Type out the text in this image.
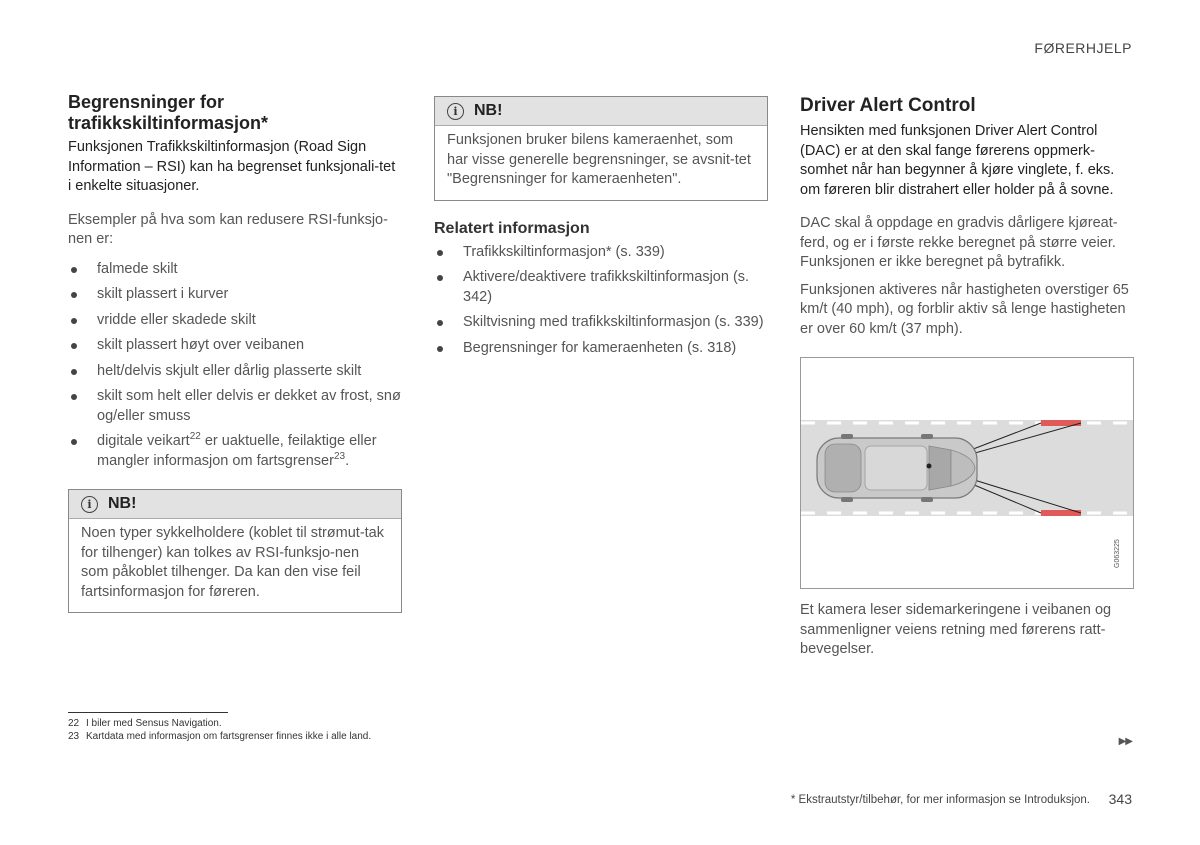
FØRERHJELP
Begrensninger for trafikkskiltinformasjon*

Funksjonen Trafikkskiltinformasjon (Road Sign Information – RSI) kan ha begrenset funksjonali-tet i enkelte situasjoner.

Eksempler på hva som kan redusere RSI-funksjo-nen er:

falmede skilt
skilt plassert i kurver
vridde eller skadede skilt
skilt plassert høyt over veibanen
helt/delvis skjult eller dårlig plasserte skilt
skilt som helt eller delvis er dekket av frost, snø og/eller smuss
digitale veikart$^{22}$ er uaktuelle, feilaktige eller mangler informasjon om fartsgrenser$^{23}$.
i	NB!
Noen typer sykkelholdere (koblet til strømut-tak for tilhenger) kan tolkes av RSI-funksjo-nen som påkoblet tilhenger. Da kan den vise feil fartsinformasjon for føreren.
i	NB!
Funksjonen bruker bilens kameraenhet, som har visse generelle begrensninger, se avsnit-tet "Begrensninger for kameraenheten".
Relatert informasjon
Trafikkskiltinformasjon* (s. 339)
Aktivere/deaktivere trafikkskiltinformasjon (s. 342)
Skiltvisning med trafikkskiltinformasjon (s. 339)
Begrensninger for kameraenheten (s. 318)
Driver Alert Control

Hensikten med funksjonen Driver Alert Control (DAC) er at den skal fange førerens oppmerk-somhet når han begynner å kjøre vinglete, f. eks. om føreren blir distrahert eller holder på å sovne.

DAC skal å oppdage en gradvis dårligere kjøreat-ferd, og er i første rekke beregnet på større veier. Funksjonen er ikke beregnet på bytrafikk.

Funksjonen aktiveres når hastigheten overstiger 65 km/t (40 mph), og forblir aktiv så lenge hastigheten er over 60 km/t (37 mph).

G063225

Et kamera leser sidemarkeringene i veibanen og sammenligner veiens retning med førerens ratt-bevegelser.

22 I biler med Sensus Navigation.
23 Kartdata med informasjon om fartsgrenser finnes ikke i alle land.	▶▶
* Ekstrautstyr/tilbehør, for mer informasjon se Introduksjon. 343
